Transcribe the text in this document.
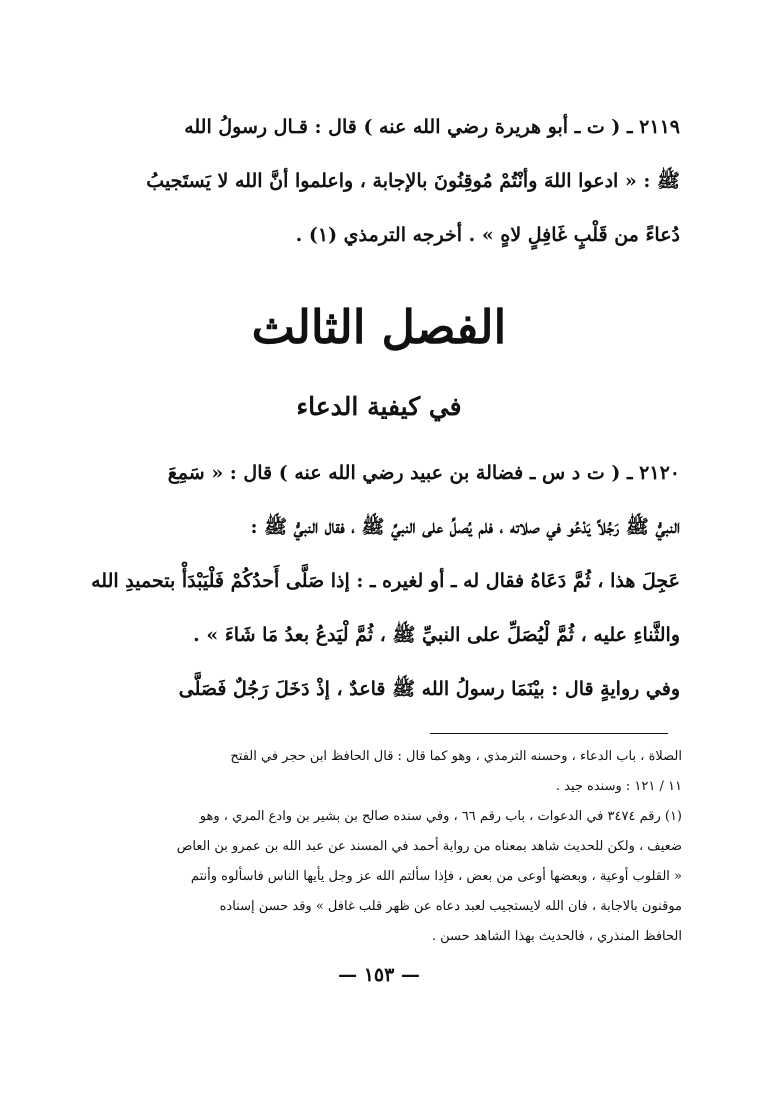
٢١١٩ ـ ( ت ـ أبو هريرة رضي الله عنه ) قال : قـال رسولُ الله
ﷺ : « ادعوا اللهَ وأنْتُمْ مُوقِنُونَ بالإجابة ، واعلموا أنَّ الله لا يَستَجيبُ
دُعاءً من قَلْبٍ غَافِلٍ لاهٍ » . أخرجه الترمذي (١) .
الفصل الثالث
في كيفية الدعاء
٢١٢٠ ـ ( ت د س ـ فضالة بن عبيد رضي الله عنه ) قال : « سَمِعَ
النبيُّ ﷺ رَجُلاً يَدْعُو في صلاته ، فلم يُصلِّ على النبيِّ ﷺ ، فقال النبيُّ ﷺ :
عَجِلَ هذا ، ثُمَّ دَعَاهُ فقال له ـ أو لغيره ـ : إذا صَلَّى أَحدُكُمْ فَلْيَبْدَأْ بتحميدِ الله
والثَّناءِ عليه ، ثُمَّ لْيُصَلِّ على النبيِّ ﷺ ، ثُمَّ لْيَدعُ بعدُ مَا شَاءَ » .
وفي روايةٍ قال : بيْنَمَا رسولُ الله ﷺ قاعدٌ ، إذْ دَخَلَ رَجُلٌ فَصَلَّى
الصلاة ، باب الدعاء ، وحسنه الترمذي ، وهو كما قال : قال الحافظ ابن حجر في الفتح
١١ / ١٢١ : وسنده جيد .
(١) رقم ٣٤٧٤ في الدعوات ، باب رقم ٦٦ ، وفي سنده صالح بن بشير بن وادع المري ، وهو
ضعيف ، ولكن للحديث شاهد بمعناه من رواية أحمد في المسند عن عبد الله بن عمرو بن العاص
« القلوب أوعية ، وبعضها أوعى من بعض ، فإذا سألتم الله عز وجل يأيها الناس فاسألوه وأنتم
موقنون بالاجابة ، فان الله لايستجيب لعبد دعاه عن ظهر قلب غافل » وقد حسن إسناده
الحافظ المنذري ، فالحديث بهذا الشاهد حسن .
— ١٥٣ —
